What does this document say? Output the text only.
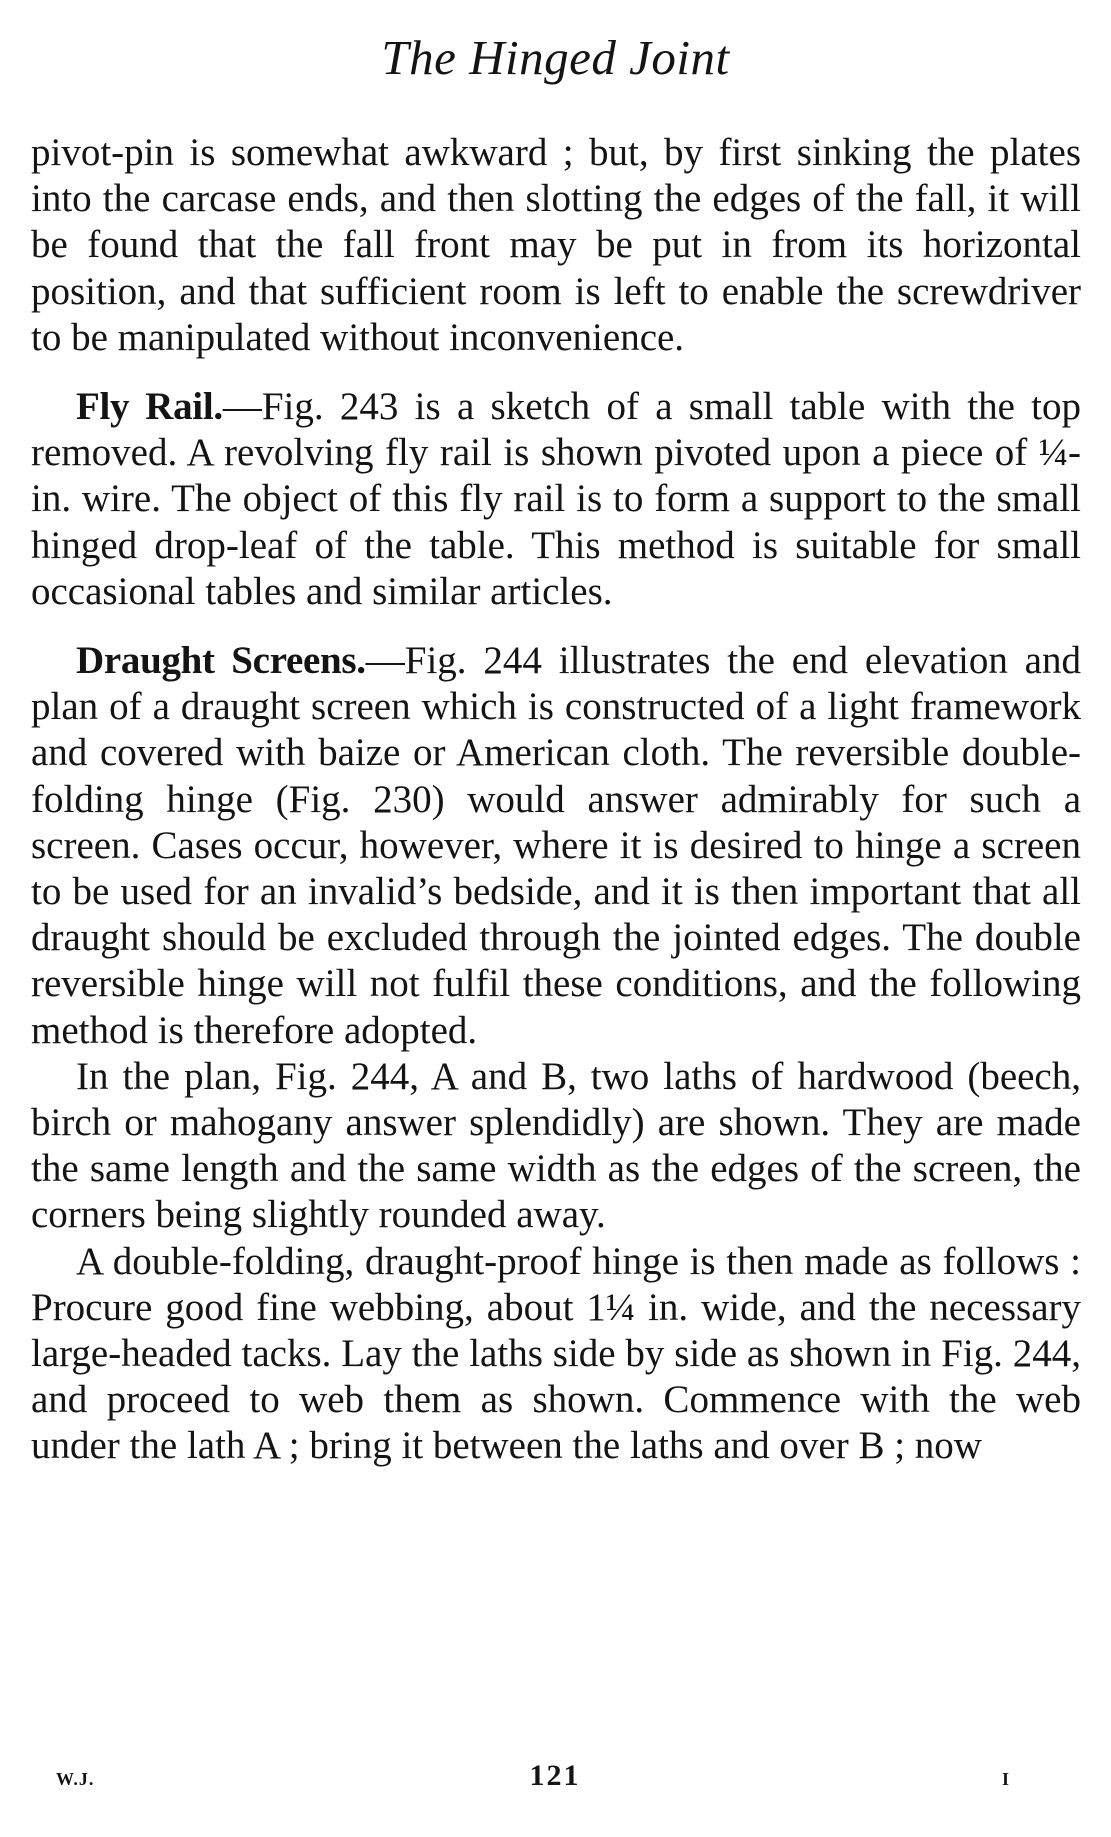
The Hinged Joint

pivot-pin is somewhat awkward ; but, by first sinking the plates into the carcase ends, and then slotting the edges of the fall, it will be found that the fall front may be put in from its horizontal position, and that sufficient room is left to enable the screwdriver to be manipulated without inconvenience.

Fly Rail.—Fig. 243 is a sketch of a small table with the top removed. A revolving fly rail is shown pivoted upon a piece of ¼-in. wire. The object of this fly rail is to form a support to the small hinged drop-leaf of the table. This method is suitable for small occasional tables and similar articles.

Draught Screens.—Fig. 244 illustrates the end elevation and plan of a draught screen which is constructed of a light framework and covered with baize or American cloth. The reversible double-folding hinge (Fig. 230) would answer admirably for such a screen. Cases occur, however, where it is desired to hinge a screen to be used for an invalid’s bedside, and it is then important that all draught should be excluded through the jointed edges. The double reversible hinge will not fulfil these conditions, and the following method is therefore adopted.

In the plan, Fig. 244, A and B, two laths of hardwood (beech, birch or mahogany answer splendidly) are shown. They are made the same length and the same width as the edges of the screen, the corners being slightly rounded away.

A double-folding, draught-proof hinge is then made as follows : Procure good fine webbing, about 1¼ in. wide, and the necessary large-headed tacks. Lay the laths side by side as shown in Fig. 244, and proceed to web them as shown. Commence with the web under the lath A ; bring it between the laths and over B ; now

W.J.	121	I
